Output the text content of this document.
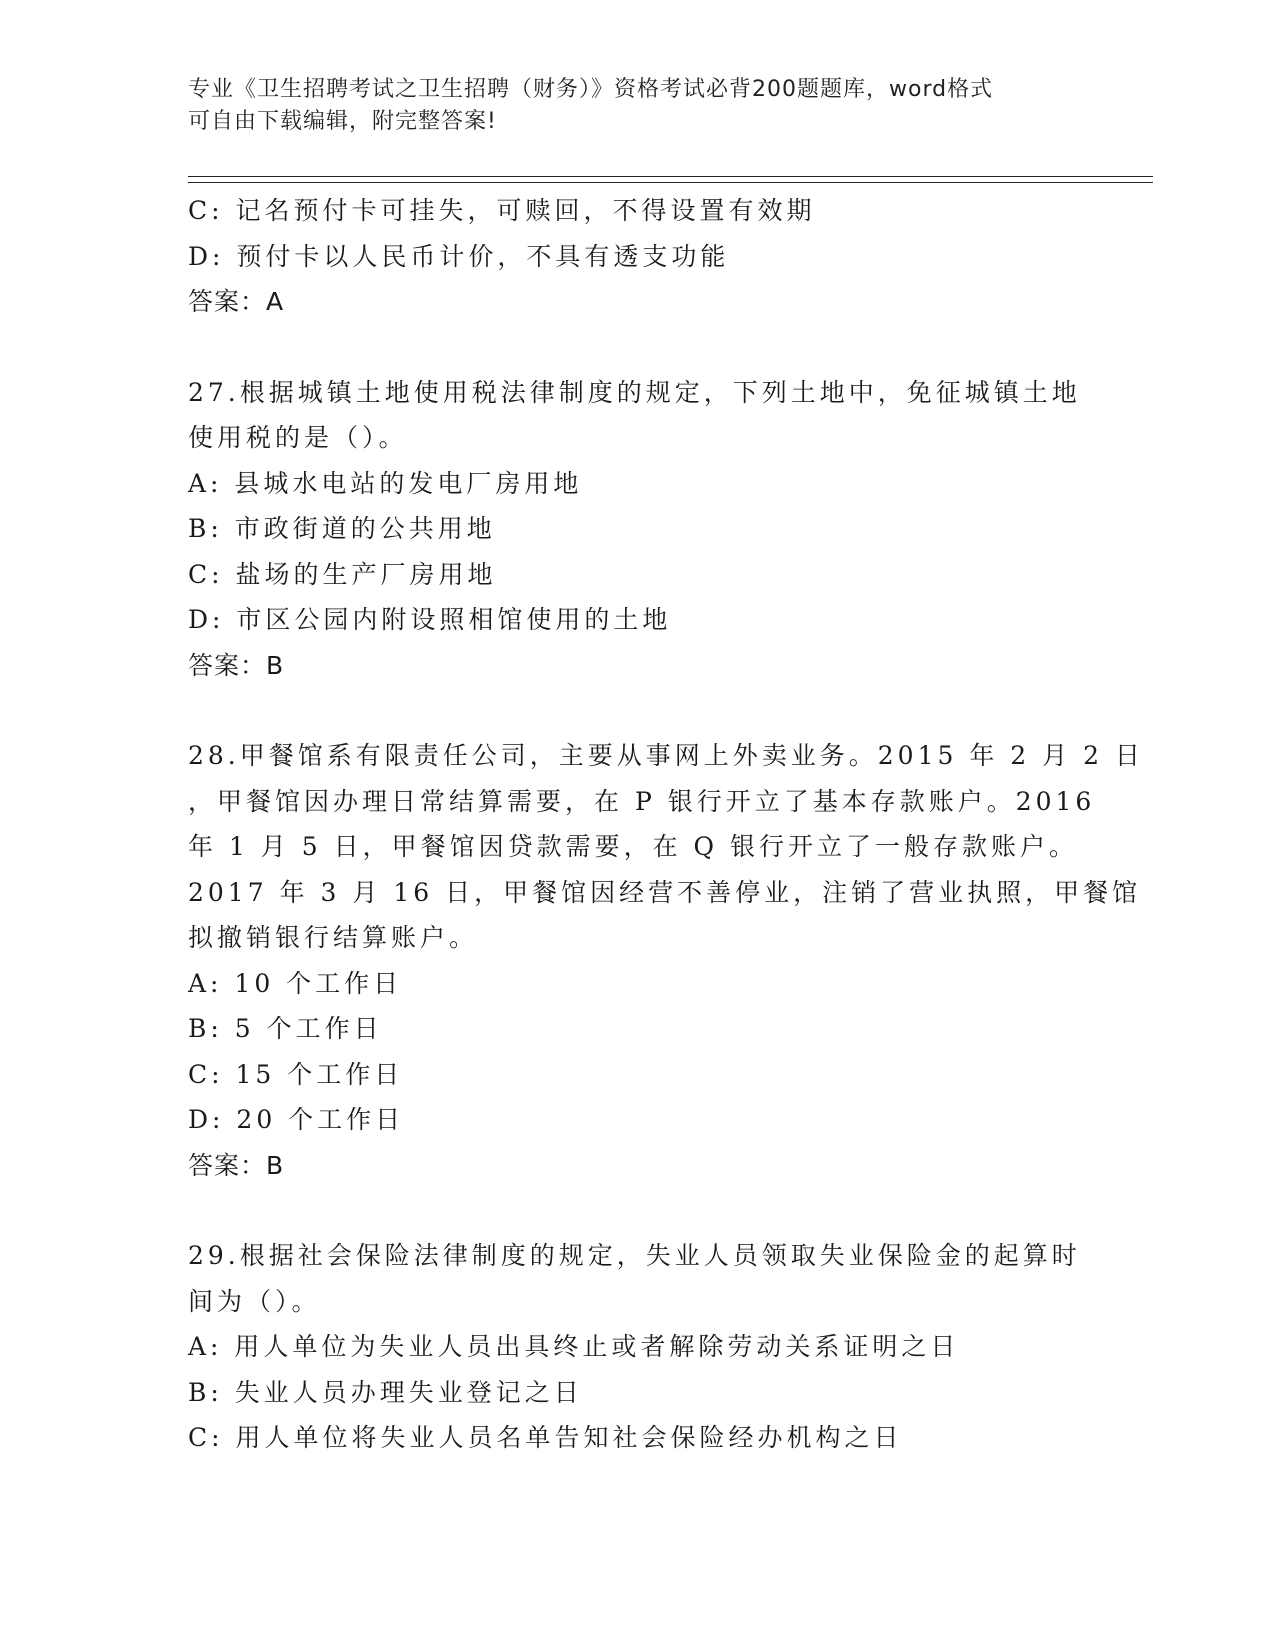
专业《卫生招聘考试之卫生招聘（财务）》资格考试必背200题题库，word格式
可自由下载编辑，附完整答案!
C: 记名预付卡可挂失，可赎回，不得设置有效期
D: 预付卡以人民币计价，不具有透支功能
答案：A
27.根据城镇土地使用税法律制度的规定，下列土地中，免征城镇土地
使用税的是（）。
A: 县城水电站的发电厂房用地
B: 市政街道的公共用地
C: 盐场的生产厂房用地
D: 市区公园内附设照相馆使用的土地
答案：B
28.甲餐馆系有限责任公司，主要从事网上外卖业务。2015 年 2 月 2 日
，甲餐馆因办理日常结算需要，在 P 银行开立了基本存款账户。2016
年 1 月 5 日，甲餐馆因贷款需要，在 Q 银行开立了一般存款账户。
2017 年 3 月 16 日，甲餐馆因经营不善停业，注销了营业执照，甲餐馆
拟撤销银行结算账户。
A: 10 个工作日
B: 5 个工作日
C: 15 个工作日
D: 20 个工作日
答案：B
29.根据社会保险法律制度的规定，失业人员领取失业保险金的起算时
间为（）。
A: 用人单位为失业人员出具终止或者解除劳动关系证明之日
B: 失业人员办理失业登记之日
C: 用人单位将失业人员名单告知社会保险经办机构之日
